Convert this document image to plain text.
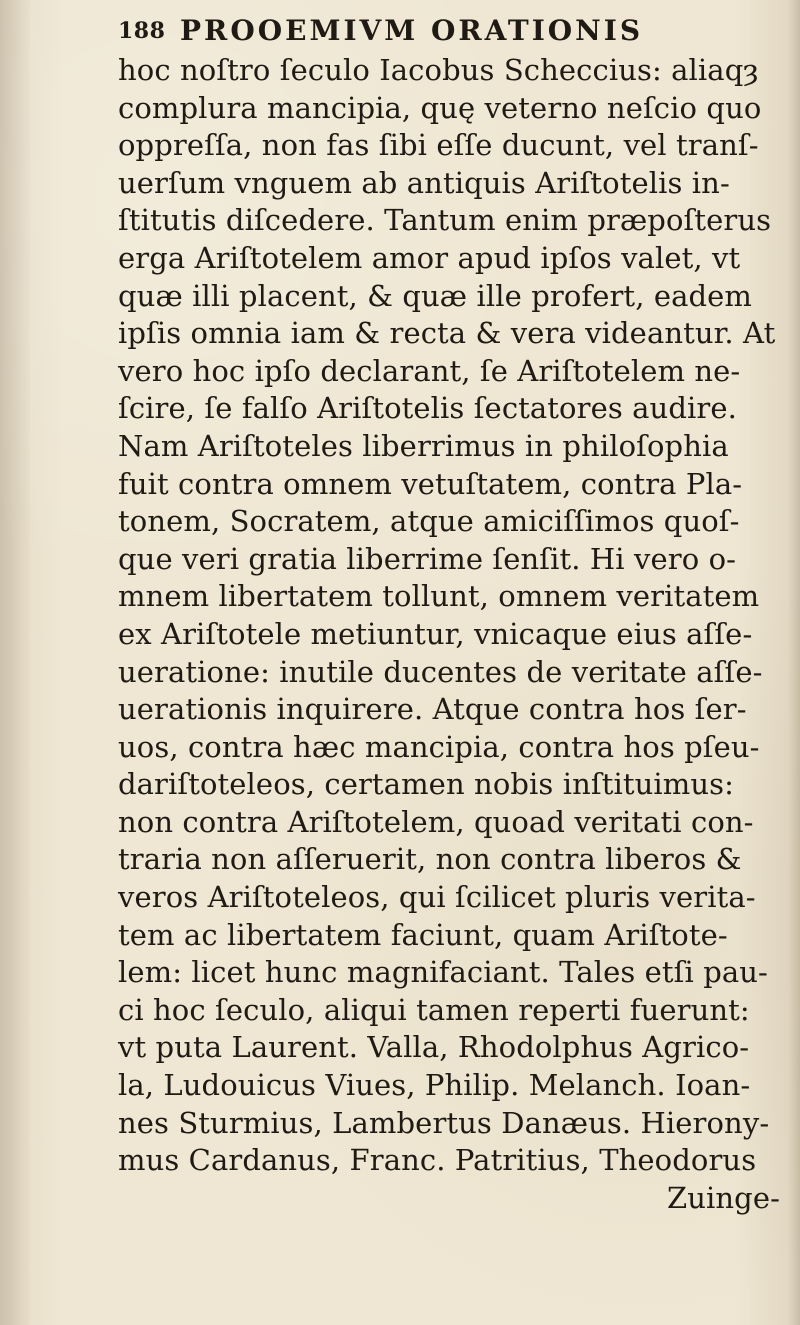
188 PROOEMIVM ORATIONIS
hoc noſtro ſeculo Iacobus Scheccius: aliaqȝ
complura mancipia, quę veterno neſcio quo
oppreſſa, non fas ſibi eſſe ducunt, vel tranſ-
uerſum vnguem ab antiquis Ariſtotelis in-
ſtitutis diſcedere. Tantum enim præpoſterus
erga Ariſtotelem amor apud ipſos valet, vt
quæ illi placent, & quæ ille profert, eadem
ipſis omnia iam & recta & vera videantur. At
vero hoc ipſo declarant, ſe Ariſtotelem ne-
ſcire, ſe falſo Ariſtotelis ſectatores audire.
Nam Ariſtoteles liberrimus in philoſophia
fuit contra omnem vetuſtatem, contra Pla-
tonem, Socratem, atque amiciſſimos quoſ-
que veri gratia liberrime ſenſit. Hi vero o-
mnem libertatem tollunt, omnem veritatem
ex Ariſtotele metiuntur, vnicaque eius aſſe-
ueratione: inutile ducentes de veritate aſſe-
uerationis inquirere. Atque contra hos ſer-
uos, contra hæc mancipia, contra hos pſeu-
dariſtoteleos, certamen nobis inſtituimus:
non contra Ariſtotelem, quoad veritati con-
traria non aſſeruerit, non contra liberos &
veros Ariſtoteleos, qui ſcilicet pluris verita-
tem ac libertatem faciunt, quam Ariſtote-
lem: licet hunc magnifaciant. Tales etſi pau-
ci hoc ſeculo, aliqui tamen reperti fuerunt:
vt puta Laurent. Valla, Rhodolphus Agrico-
la, Ludouicus Viues, Philip. Melanch. Ioan-
nes Sturmius, Lambertus Danæus. Hierony-
mus Cardanus, Franc. Patritius, Theodorus
Zuinge-
